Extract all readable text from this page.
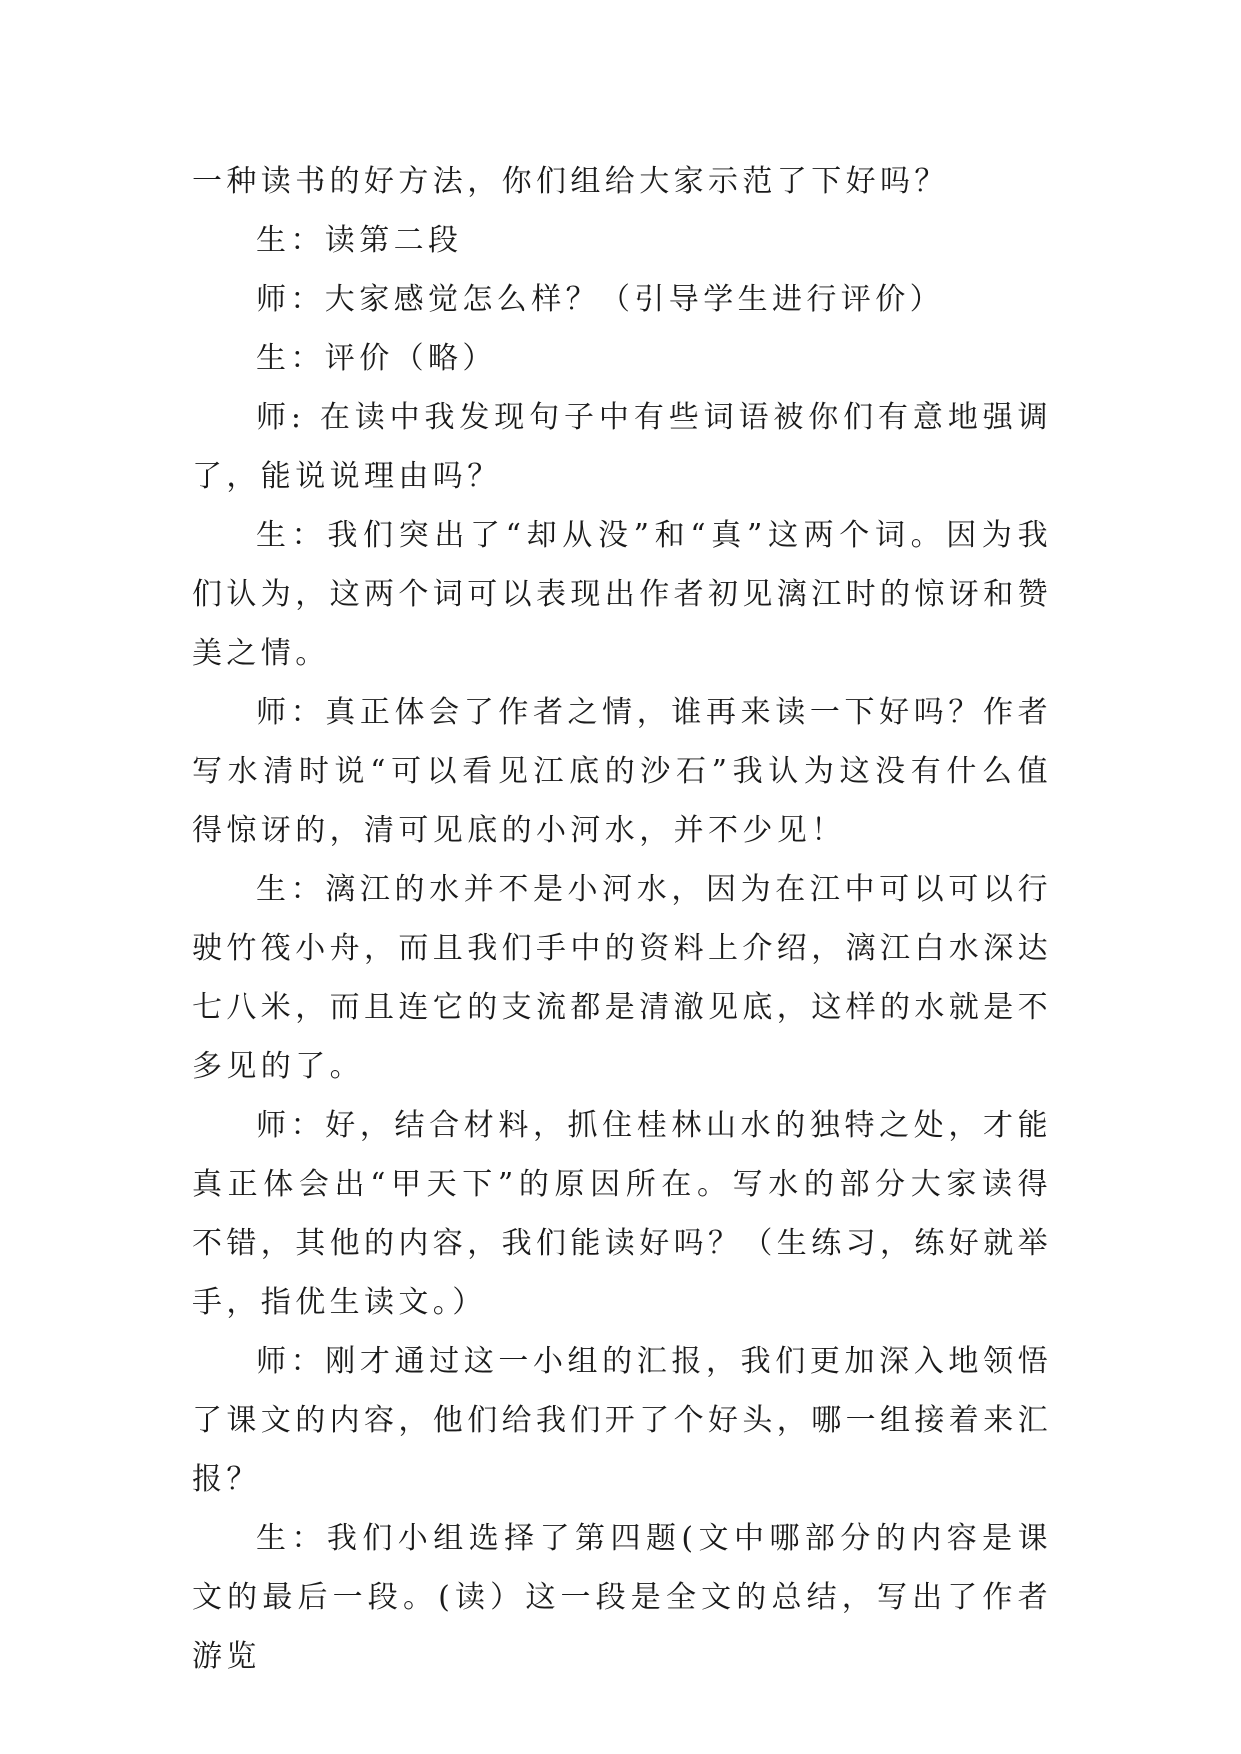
一种读书的好方法，你们组给大家示范了下好吗？

生：读第二段

师：大家感觉怎么样？（引导学生进行评价）

生：评价（略）

师: 在读中我发现句子中有些词语被你们有意地强调了，能说说理由吗？

生：我们突出了“却从没”和“真”这两个词。因为我们认为，这两个词可以表现出作者初见漓江时的惊讶和赞美之情。

师：真正体会了作者之情，谁再来读一下好吗？作者写水清时说“可以看见江底的沙石”我认为这没有什么值得惊讶的，清可见底的小河水，并不少见！

生：漓江的水并不是小河水，因为在江中可以可以行驶竹筏小舟，而且我们手中的资料上介绍，漓江白水深达七八米，而且连它的支流都是清澈见底，这样的水就是不多见的了。

师：好，结合材料，抓住桂林山水的独特之处，才能真正体会出“甲天下”的原因所在。写水的部分大家读得不错，其他的内容，我们能读好吗？（生练习，练好就举手，指优生读文。）

师：刚才通过这一小组的汇报，我们更加深入地领悟了课文的内容，他们给我们开了个好头，哪一组接着来汇报？

生：我们小组选择了第四题(文中哪部分的内容是课文的最后一段。(读）这一段是全文的总结，写出了作者游览
